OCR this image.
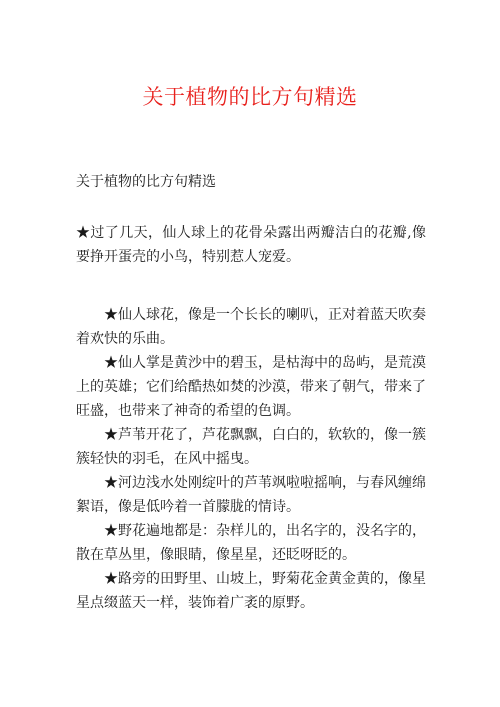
关于植物的比方句精选
关于植物的比方句精选

★过了几天，仙人球上的花骨朵露出两瓣洁白的花瓣,像要挣开蛋壳的小鸟，特别惹人宠爱。

★仙人球花，像是一个长长的喇叭，正对着蓝天吹奏着欢快的乐曲。

★仙人掌是黄沙中的碧玉，是枯海中的岛屿，是荒漠上的英雄；它们给酷热如焚的沙漠，带来了朝气，带来了旺盛，也带来了神奇的希望的色调。

★芦苇开花了，芦花飘飘，白白的，软软的，像一簇簇轻快的羽毛，在风中摇曳。

★河边浅水处刚绽叶的芦苇飒啦啦摇响，与春风缠绵絮语，像是低吟着一首朦胧的情诗。

★野花遍地都是：杂样儿的，出名字的，没名字的，散在草丛里，像眼睛，像星星，还眨呀眨的。

★路旁的田野里、山坡上，野菊花金黄金黄的，像星星点缀蓝天一样，装饰着广袤的原野。
